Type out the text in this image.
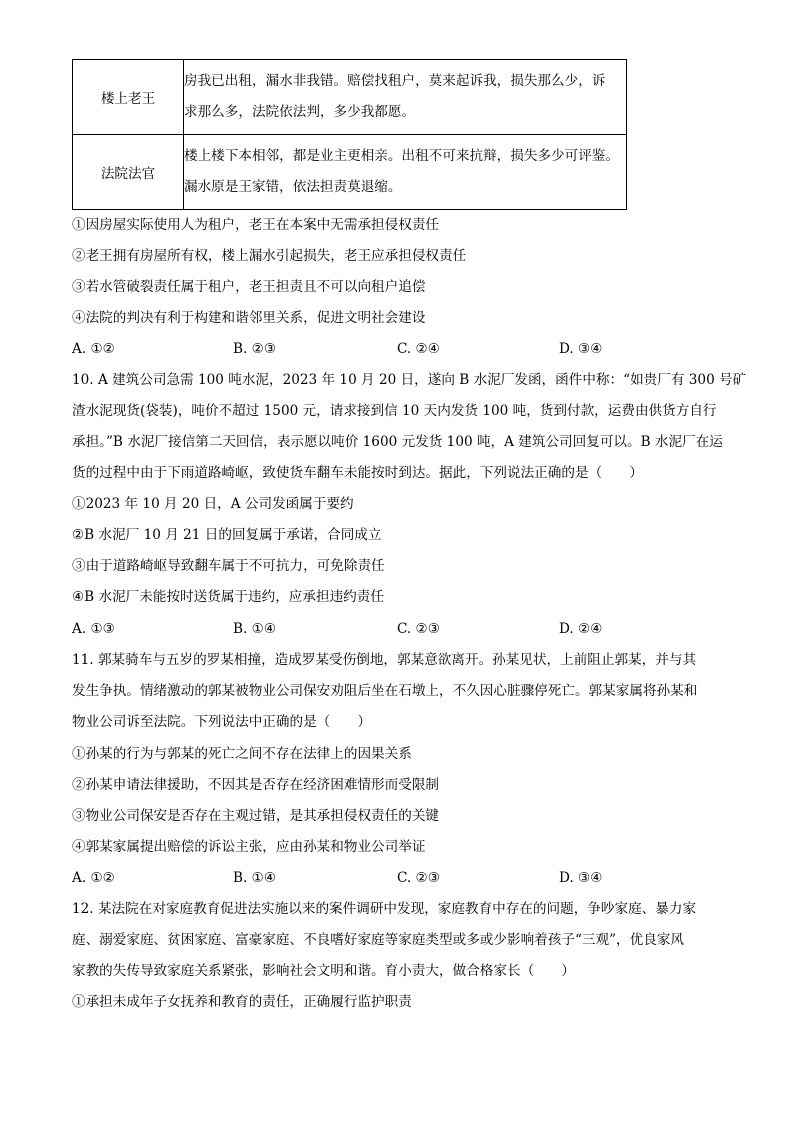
楼上老王	房我已出租，漏水非我错。赔偿找租户，莫来起诉我，损失那么少，诉
求那么多，法院依法判，多少我都愿。

法院法官	楼上楼下本相邻，都是业主更相亲。出租不可来抗辩，损失多少可评鉴。
漏水原是王家错，依法担责莫退缩。
①因房屋实际使用人为租户，老王在本案中无需承担侵权责任
②老王拥有房屋所有权，楼上漏水引起损失，老王应承担侵权责任
③若水管破裂责任属于租户，老王担责且不可以向租户追偿
④法院的判决有利于构建和谐邻里关系，促进文明社会建设
A. ①②	B. ②③	C. ②④	D. ③④
10. A 建筑公司急需 100 吨水泥，2023 年 10 月 20 日，遂向 B 水泥厂发函，函件中称：“如贵厂有 300 号矿
渣水泥现货(袋装)，吨价不超过 1500 元，请求接到信 10 天内发货 100 吨，货到付款，运费由供货方自行
承担。”B 水泥厂接信第二天回信，表示愿以吨价 1600 元发货 100 吨，A 建筑公司回复可以。B 水泥厂在运
货的过程中由于下雨道路崎岖，致使货车翻车未能按时到达。据此，下列说法正确的是（　　）
①2023 年 10 月 20 日，A 公司发函属于要约
②B 水泥厂 10 月 21 日的回复属于承诺，合同成立
③由于道路崎岖导致翻车属于不可抗力，可免除责任
④B 水泥厂未能按时送货属于违约，应承担违约责任
A. ①③	B. ①④	C. ②③	D. ②④
11. 郭某骑车与五岁的罗某相撞，造成罗某受伤倒地，郭某意欲离开。孙某见状，上前阻止郭某，并与其
发生争执。情绪激动的郭某被物业公司保安劝阻后坐在石墩上，不久因心脏骤停死亡。郭某家属将孙某和
物业公司诉至法院。下列说法中正确的是（　　）
①孙某的行为与郭某的死亡之间不存在法律上的因果关系
②孙某申请法律援助，不因其是否存在经济困难情形而受限制
③物业公司保安是否存在主观过错，是其承担侵权责任的关键
④郭某家属提出赔偿的诉讼主张，应由孙某和物业公司举证
A. ①②	B. ①④	C. ②③	D. ③④
12. 某法院在对家庭教育促进法实施以来的案件调研中发现，家庭教育中存在的问题，争吵家庭、暴力家
庭、溺爱家庭、贫困家庭、富豪家庭、不良嗜好家庭等家庭类型或多或少影响着孩子“三观”，优良家风
家教的失传导致家庭关系紧张，影响社会文明和谐。育小责大，做合格家长（　　）
①承担未成年子女抚养和教育的责任，正确履行监护职责
